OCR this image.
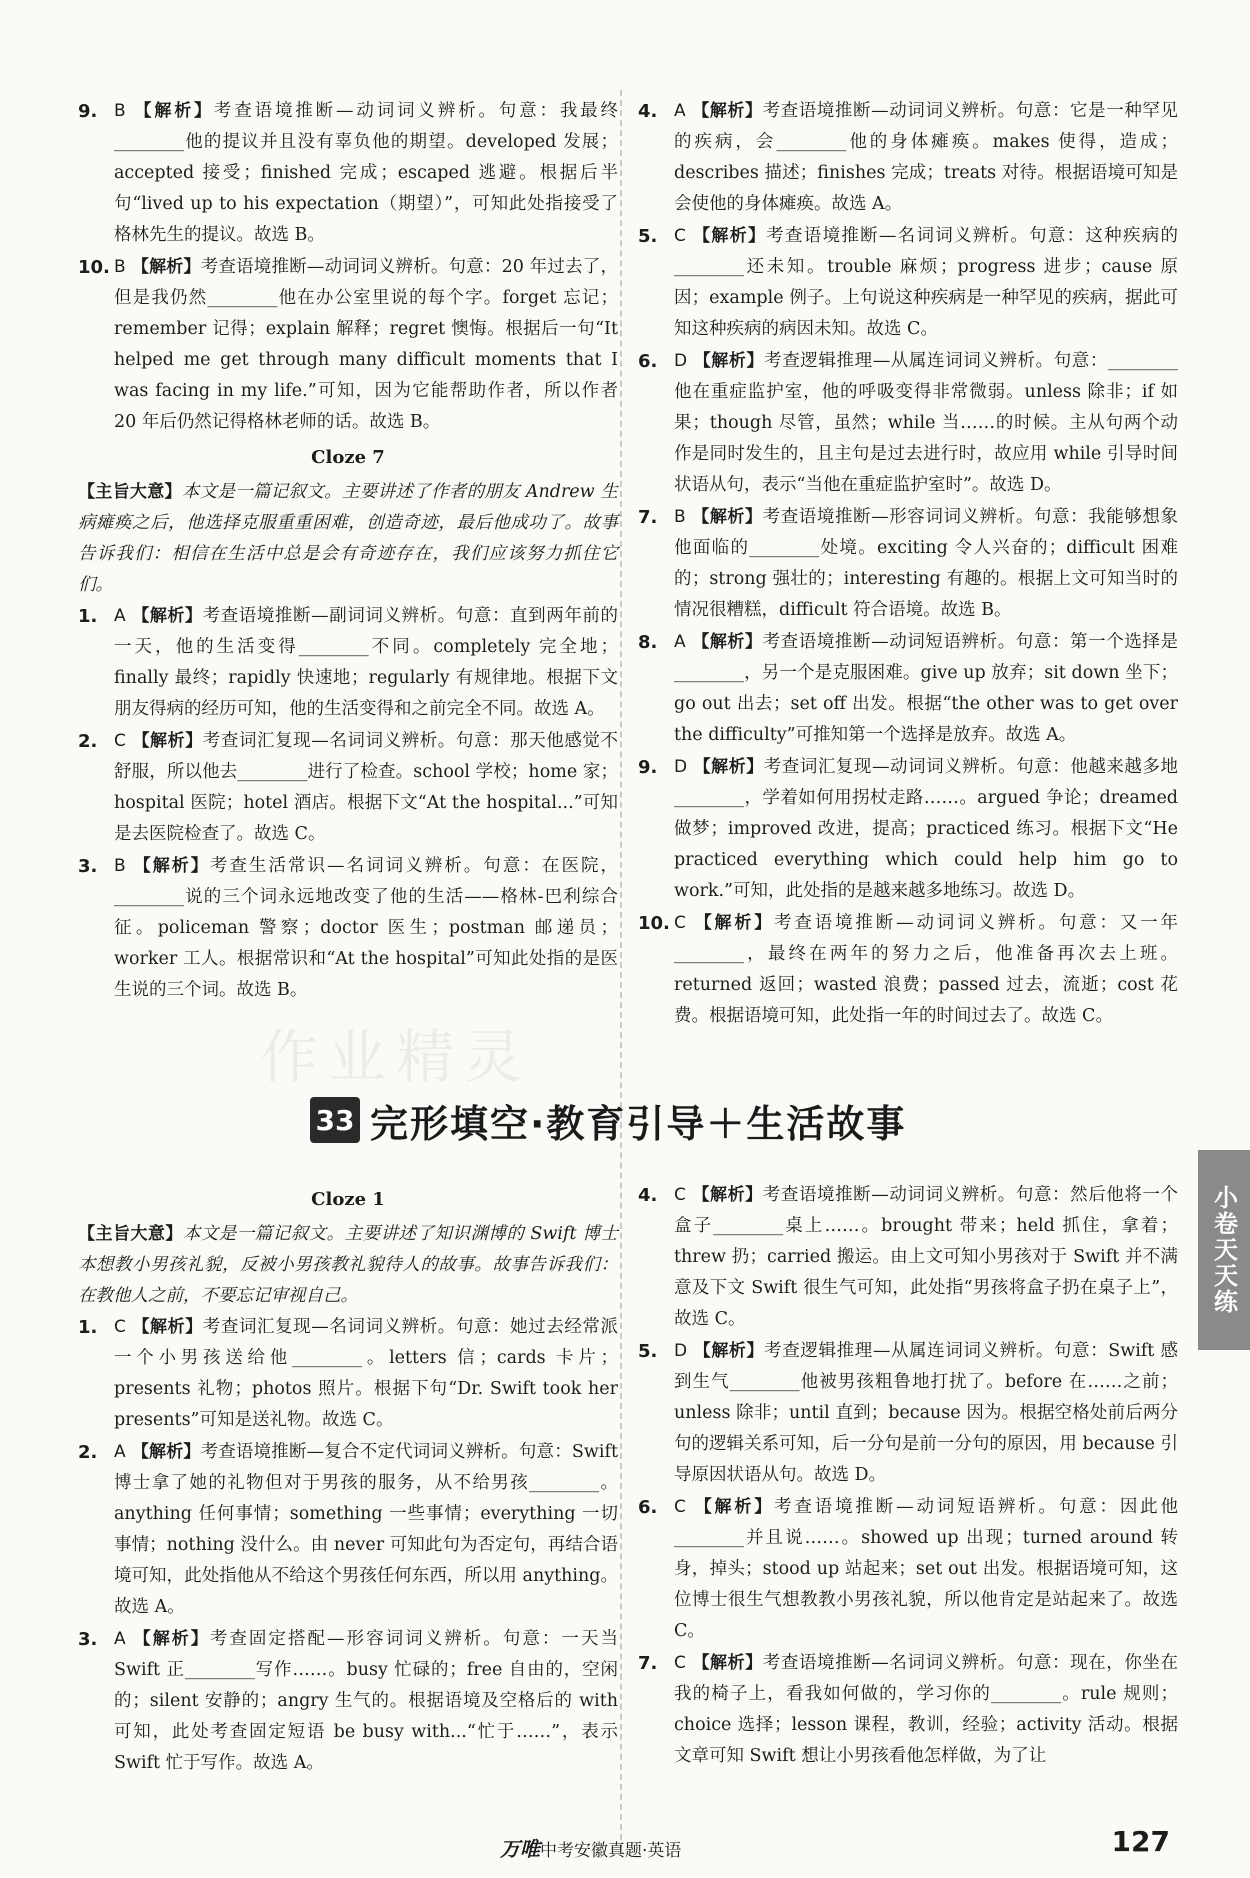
9. B 【解析】考查语境推断—动词词义辨析。句意：我最终________他的提议并且没有辜负他的期望。developed 发展；accepted 接受；finished 完成；escaped 逃避。根据后半句“lived up to his expectation（期望）”，可知此处指接受了格林先生的提议。故选 B。
10. B 【解析】考查语境推断—动词词义辨析。句意：20 年过去了，但是我仍然________他在办公室里说的每个字。forget 忘记；remember 记得；explain 解释；regret 懊悔。根据后一句“It helped me get through many difficult moments that I was facing in my life.”可知，因为它能帮助作者，所以作者 20 年后仍然记得格林老师的话。故选 B。
Cloze 7
【主旨大意】本文是一篇记叙文。主要讲述了作者的朋友 Andrew 生病瘫痪之后，他选择克服重重困难，创造奇迹，最后他成功了。故事告诉我们：相信在生活中总是会有奇迹存在，我们应该努力抓住它们。
1. A 【解析】考查语境推断—副词词义辨析。句意：直到两年前的一天，他的生活变得________不同。completely 完全地；finally 最终；rapidly 快速地；regularly 有规律地。根据下文朋友得病的经历可知，他的生活变得和之前完全不同。故选 A。
2. C 【解析】考查词汇复现—名词词义辨析。句意：那天他感觉不舒服，所以他去________进行了检查。school 学校；home 家；hospital 医院；hotel 酒店。根据下文“At the hospital...”可知是去医院检查了。故选 C。
3. B 【解析】考查生活常识—名词词义辨析。句意：在医院，________说的三个词永远地改变了他的生活——格林-巴利综合征。policeman 警察；doctor 医生；postman 邮递员；worker 工人。根据常识和“At the hospital”可知此处指的是医生说的三个词。故选 B。
4. A 【解析】考查语境推断—动词词义辨析。句意：它是一种罕见的疾病，会________他的身体瘫痪。makes 使得，造成；describes 描述；finishes 完成；treats 对待。根据语境可知是会使他的身体瘫痪。故选 A。
5. C 【解析】考查语境推断—名词词义辨析。句意：这种疾病的________还未知。trouble 麻烦；progress 进步；cause 原因；example 例子。上句说这种疾病是一种罕见的疾病，据此可知这种疾病的病因未知。故选 C。
6. D 【解析】考查逻辑推理—从属连词词义辨析。句意：________他在重症监护室，他的呼吸变得非常微弱。unless 除非；if 如果；though 尽管，虽然；while 当……的时候。主从句两个动作是同时发生的，且主句是过去进行时，故应用 while 引导时间状语从句，表示“当他在重症监护室时”。故选 D。
7. B 【解析】考查语境推断—形容词词义辨析。句意：我能够想象他面临的________处境。exciting 令人兴奋的；difficult 困难的；strong 强壮的；interesting 有趣的。根据上文可知当时的情况很糟糕，difficult 符合语境。故选 B。
8. A 【解析】考查语境推断—动词短语辨析。句意：第一个选择是________，另一个是克服困难。give up 放弃；sit down 坐下；go out 出去；set off 出发。根据“the other was to get over the difficulty”可推知第一个选择是放弃。故选 A。
9. D 【解析】考查词汇复现—动词词义辨析。句意：他越来越多地________，学着如何用拐杖走路……。argued 争论；dreamed 做梦；improved 改进，提高；practiced 练习。根据下文“He practiced everything which could help him go to work.”可知，此处指的是越来越多地练习。故选 D。
10. C 【解析】考查语境推断—动词词义辨析。句意：又一年________，最终在两年的努力之后，他准备再次去上班。returned 返回；wasted 浪费；passed 过去，流逝；cost 花费。根据语境可知，此处指一年的时间过去了。故选 C。
作业精灵
33 完形填空·教育引导＋生活故事
Cloze 1
【主旨大意】本文是一篇记叙文。主要讲述了知识渊博的 Swift 博士本想教小男孩礼貌，反被小男孩教礼貌待人的故事。故事告诉我们：在教他人之前，不要忘记审视自己。
1. C 【解析】考查词汇复现—名词词义辨析。句意：她过去经常派一个小男孩送给他________。letters 信；cards 卡片；presents 礼物；photos 照片。根据下句“Dr. Swift took her presents”可知是送礼物。故选 C。
2. A 【解析】考查语境推断—复合不定代词词义辨析。句意：Swift 博士拿了她的礼物但对于男孩的服务，从不给男孩________。anything 任何事情；something 一些事情；everything 一切事情；nothing 没什么。由 never 可知此句为否定句，再结合语境可知，此处指他从不给这个男孩任何东西，所以用 anything。故选 A。
3. A 【解析】考查固定搭配—形容词词义辨析。句意：一天当 Swift 正________写作……。busy 忙碌的；free 自由的，空闲的；silent 安静的；angry 生气的。根据语境及空格后的 with 可知，此处考查固定短语 be busy with...“忙于……”，表示 Swift 忙于写作。故选 A。
4. C 【解析】考查语境推断—动词词义辨析。句意：然后他将一个盒子________桌上……。brought 带来；held 抓住，拿着；threw 扔；carried 搬运。由上文可知小男孩对于 Swift 并不满意及下文 Swift 很生气可知，此处指“男孩将盒子扔在桌子上”，故选 C。
5. D 【解析】考查逻辑推理—从属连词词义辨析。句意：Swift 感到生气________他被男孩粗鲁地打扰了。before 在……之前；unless 除非；until 直到；because 因为。根据空格处前后两分句的逻辑关系可知，后一分句是前一分句的原因，用 because 引导原因状语从句。故选 D。
6. C 【解析】考查语境推断—动词短语辨析。句意：因此他________并且说……。showed up 出现；turned around 转身，掉头；stood up 站起来；set out 出发。根据语境可知，这位博士很生气想教教小男孩礼貌，所以他肯定是站起来了。故选 C。
7. C 【解析】考查语境推断—名词词义辨析。句意：现在，你坐在我的椅子上，看我如何做的，学习你的________。rule 规则；choice 选择；lesson 课程，教训，经验；activity 活动。根据文章可知 Swift 想让小男孩看他怎样做，为了让
小卷天天练
万唯中考安徽真题·英语	127
